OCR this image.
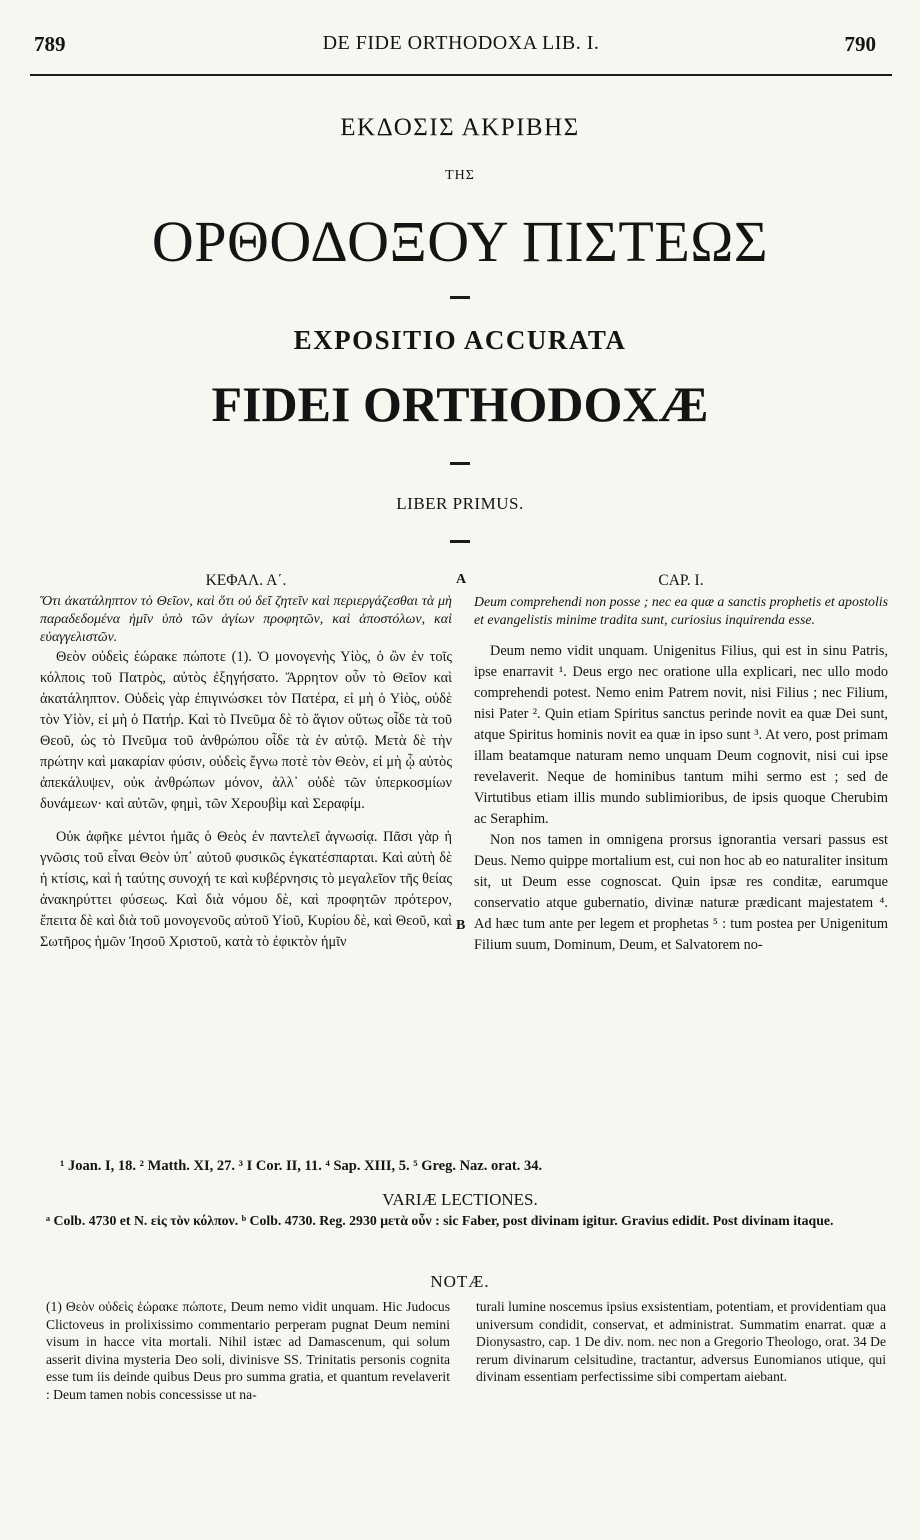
789	DE FIDE ORTHODOXA LIB. I.	790
ΕΚΔΟΣΙΣ ΑΚΡΙΒΗΣ
ΤΗΣ
ΟΡΘΟΔΟΞΟΥ ΠΙΣΤΕΩΣ
EXPOSITIO ACCURATA
FIDEI ORTHODOXÆ
LIBER PRIMUS.
A
B
ΚΕΦΑΛ. Α΄.

Ὅτι ἀκατάληπτον τὸ Θεῖον, καὶ ὅτι οὐ δεῖ ζητεῖν καὶ περιεργάζεσθαι τὰ μὴ παραδεδομένα ἡμῖν ὑπὸ τῶν ἁγίων προφητῶν, καὶ ἀποστόλων, καὶ εὐαγγελιστῶν.

Θεὸν οὐδεὶς ἑώρακε πώποτε (1). Ὁ μονογενὴς Υἱὸς, ὁ ὢν ἐν τοῖς κόλποις τοῦ Πατρὸς, αὐτὸς ἐξηγήσατο. Ἄρρητον οὖν τὸ Θεῖον καὶ ἀκατάληπτον. Οὐδεὶς γὰρ ἐπιγινώσκει τὸν Πατέρα, εἰ μὴ ὁ Υἱὸς, οὐδὲ τὸν Υἱὸν, εἰ μὴ ὁ Πατήρ. Καὶ τὸ Πνεῦμα δὲ τὸ ἅγιον οὕτως οἶδε τὰ τοῦ Θεοῦ, ὡς τὸ Πνεῦμα τοῦ ἀνθρώπου οἶδε τὰ ἐν αὐτῷ. Μετὰ δὲ τὴν πρώτην καὶ μακαρίαν φύσιν, οὐδεὶς ἔγνω ποτὲ τὸν Θεὸν, εἰ μὴ ᾧ αὐτὸς ἀπεκάλυψεν, οὐκ ἀνθρώπων μόνον, ἀλλ᾽ οὐδὲ τῶν ὑπερκοσμίων δυνάμεων· καὶ αὐτῶν, φημὶ, τῶν Χερουβὶμ καὶ Σεραφίμ.

Οὐκ ἀφῆκε μέντοι ἡμᾶς ὁ Θεὸς ἐν παντελεῖ ἀγνωσίᾳ. Πᾶσι γὰρ ἡ γνῶσις τοῦ εἶναι Θεὸν ὑπ᾽ αὐτοῦ φυσικῶς ἐγκατέσπαρται. Καὶ αὐτὴ δὲ ἡ κτίσις, καὶ ἡ ταύτης συνοχή τε καὶ κυβέρνησις τὸ μεγαλεῖον τῆς θείας ἀνακηρύττει φύσεως. Καὶ διὰ νόμου δὲ, καὶ προφητῶν πρότερον, ἔπειτα δὲ καὶ διὰ τοῦ μονογενοῦς αὐτοῦ Υἱοῦ, Κυρίου δὲ, καὶ Θεοῦ, καὶ Σωτῆρος ἡμῶν Ἰησοῦ Χριστοῦ, κατὰ τὸ ἐφικτὸν ἡμῖν

CAP. I.

Deum comprehendi non posse ; nec ea quæ a sanctis prophetis et apostolis et evangelistis minime tradita sunt, curiosius inquirenda esse.

Deum nemo vidit unquam. Unigenitus Filius, qui est in sinu Patris, ipse enarravit ¹. Deus ergo nec oratione ulla explicari, nec ullo modo comprehendi potest. Nemo enim Patrem novit, nisi Filius ; nec Filium, nisi Pater ². Quin etiam Spiritus sanctus perinde novit ea quæ Dei sunt, atque Spiritus hominis novit ea quæ in ipso sunt ³. At vero, post primam illam beatamque naturam nemo unquam Deum cognovit, nisi cui ipse revelaverit. Neque de hominibus tantum mihi sermo est ; sed de Virtutibus etiam illis mundo sublimioribus, de ipsis quoque Cherubim ac Seraphim.

Non nos tamen in omnigena prorsus ignorantia versari passus est Deus. Nemo quippe mortalium est, cui non hoc ab eo naturaliter insitum sit, ut Deum esse cognoscat. Quin ipsæ res conditæ, earumque conservatio atque gubernatio, divinæ naturæ prædicant majestatem ⁴. Ad hæc tum ante per legem et prophetas ⁵ : tum postea per Unigenitum Filium suum, Dominum, Deum, et Salvatorem no-

¹ Joan. I, 18. ² Matth. XI, 27. ³ I Cor. II, 11. ⁴ Sap. XIII, 5. ⁵ Greg. Naz. orat. 34.
VARIÆ LECTIONES.
ᵃ Colb. 4730 et N. εἰς τὸν κόλπον. ᵇ Colb. 4730. Reg. 2930 μετὰ οὖν : sic Faber, post divinam igitur. Gravius edidit. Post divinam itaque.
NOTÆ.

(1) Θεὸν οὐδεὶς ἑώρακε πώποτε, Deum nemo vidit unquam. Hic Judocus Clictoveus in prolixissimo commentario perperam pugnat Deum nemini visum in hacce vita mortali. Nihil istæc ad Damascenum, qui solum asserit divina mysteria Deo soli, divinisve SS. Trinitatis personis cognita esse tum iis deinde quibus Deus pro summa gratia, et quantum revelaverit : Deum tamen nobis concessisse ut na-

turali lumine noscemus ipsius exsistentiam, potentiam, et providentiam qua universum condidit, conservat, et administrat. Summatim enarrat. quæ a Dionysastro, cap. 1 De div. nom. nec non a Gregorio Theologo, orat. 34 De rerum divinarum celsitudine, tractantur, adversus Eunomianos utique, qui divinam essentiam perfectissime sibi compertam aiebant.
